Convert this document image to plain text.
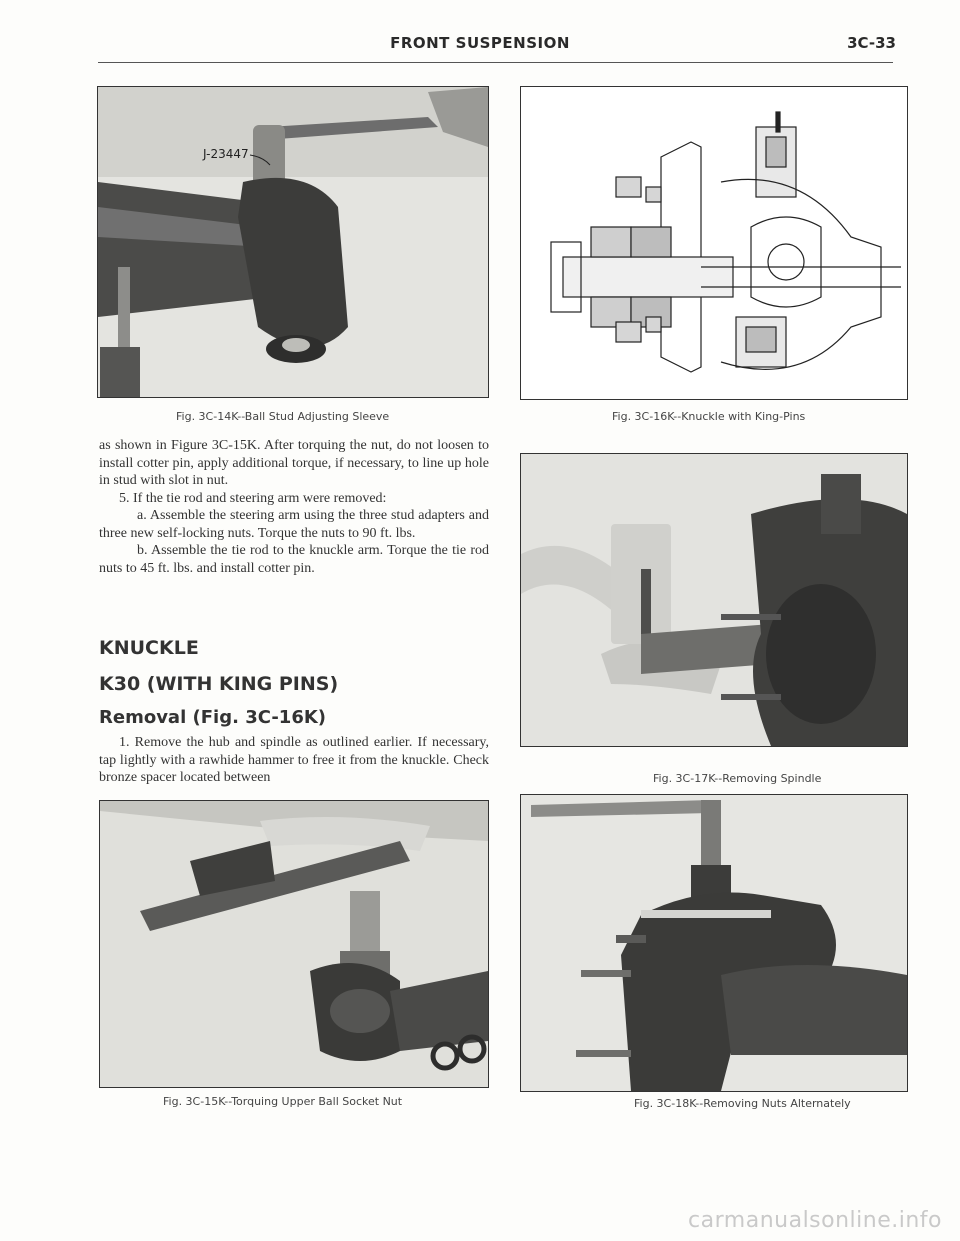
FRONT SUSPENSION	3C-33
J-23447
Fig. 3C-14K--Ball Stud Adjusting Sleeve

as shown in Figure 3C-15K. After torquing the nut, do not loosen to install cotter pin, apply additional torque, if necessary, to line up hole in stud with slot in nut.

5. If the tie rod and steering arm were removed:

a. Assemble the steering arm using the three stud adapters and three new self-locking nuts. Torque the nuts to 90 ft. lbs.

b. Assemble the tie rod to the knuckle arm. Torque the tie rod nuts to 45 ft. lbs. and install cotter pin.

KNUCKLE
K30 (WITH KING PINS)
Removal (Fig. 3C-16K)

1. Remove the hub and spindle as outlined earlier. If necessary, tap lightly with a rawhide hammer to free it from the knuckle. Check bronze spacer located between

Fig. 3C-15K--Torquing Upper Ball Socket Nut
Fig. 3C-16K--Knuckle with King-Pins
Fig. 3C-17K--Removing Spindle
Fig. 3C-18K--Removing Nuts Alternately
carmanualsonline.info
